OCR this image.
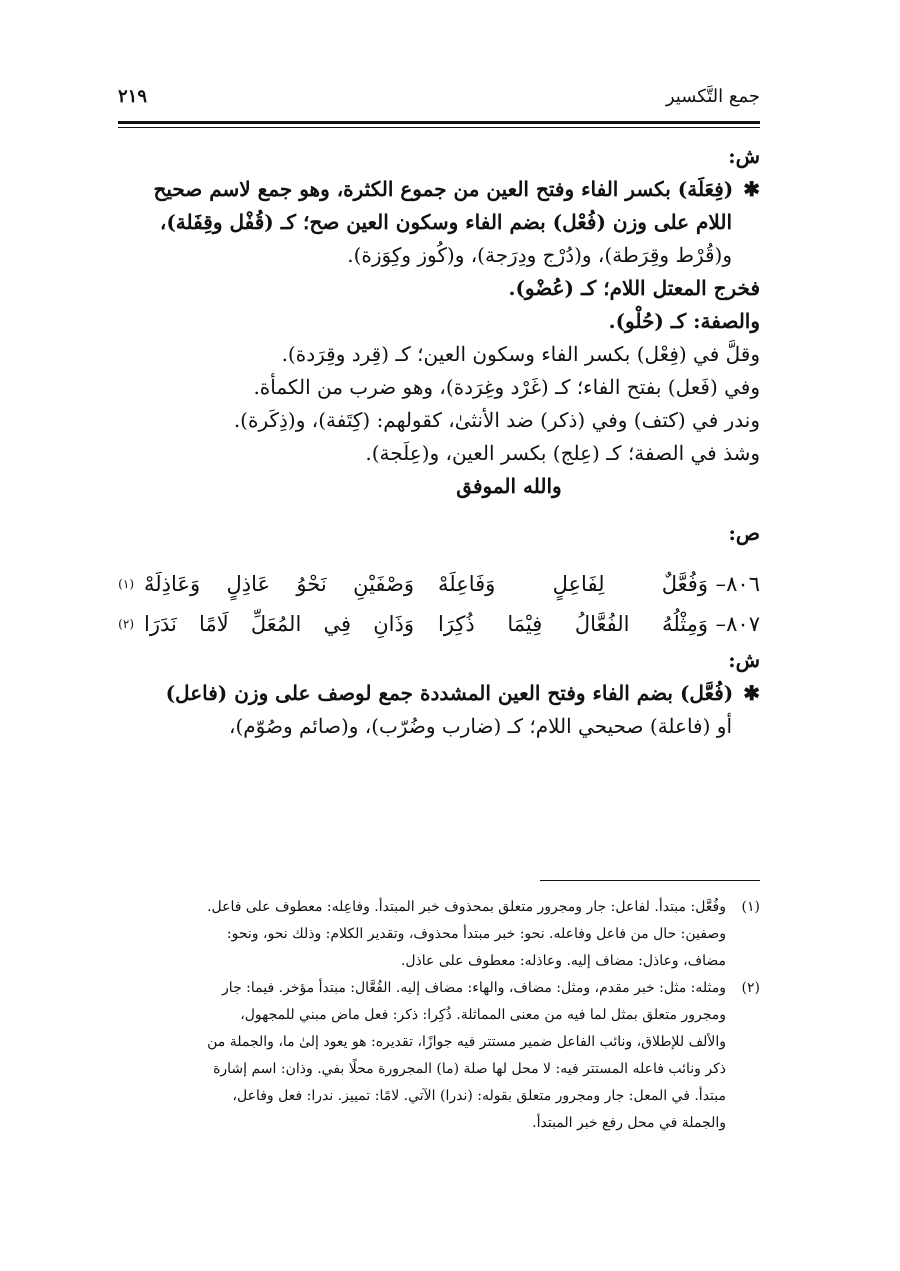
جمع التَّكسير
٢١٩
ش:
✱(فِعَلَة) بكسر الفاء وفتح العين من جموع الكثرة، وهو جمع لاسم صحيح
اللام على وزن (فُعْل) بضم الفاء وسكون العين صح؛ كـ (قُفْل وقِفَلة)،
و(قُرْط وقِرَطة)، و(دُرْج ودِرَجة)، و(كُوز وكِوَزة).
فخرج المعتل اللام؛ كـ (عُضْو).
والصفة: كـ (حُلْو).
وقلَّ في (فِعْل) بكسر الفاء وسكون العين؛ كـ (قِرد وقِرَدة).
وفي (فَعل) بفتح الفاء؛ كـ (غَرْد وغِرَدة)، وهو ضرب من الكمأة.
وندر في (كتف) وفي (ذكر) ضد الأنثىٰ، كقولهم: (كِتَفة)، و(ذِكَرة).
وشذ في الصفة؛ كـ (عِلج) بكسر العين، و(عِلَجة).
والله الموفق
ص:
٨٠٦–
وَفُعَّلٌ لِفَاعِلٍ وَفَاعِلَهْ
وَصْفَيْنِ نَحْوُ عَاذِلٍ وَعَاذِلَهْ
(١)
٨٠٧–
وَمِثْلُهُ الفُعَّالُ فِيْمَا ذُكِرَا
وَذَانِ فِي المُعَلِّ لَامًا نَدَرَا
(٢)
ش:
✱(فُعَّل) بضم الفاء وفتح العين المشددة جمع لوصف على وزن (فاعل)
أو (فاعلة) صحيحي اللام؛ كـ (ضارب وضُرّب)، و(صائم وصُوّم)،
(١)
وفُعَّل: مبتدأ. لفاعل: جار ومجرور متعلق بمحذوف خبر المبتدأ. وفاعِله: معطوف على فاعل.
وصفين: حال من فاعل وفاعله. نحو: خبر مبتدأ محذوف، وتقدير الكلام: وذلك نحو، ونحو:
مضاف، وعاذل: مضاف إليه. وعاذله: معطوف على عاذل.
(٢)
ومثله: مثل: خبر مقدم، ومثل: مضاف، والهاء: مضاف إليه. الفُعَّال: مبتدأ مؤخر. فيما: جار
ومجرور متعلق بمثل لما فيه من معنى المماثلة. ذُكِرا: ذكر: فعل ماض مبني للمجهول،
والألف للإطلاق، ونائب الفاعل ضمير مستتر فيه جوازًا، تقديره: هو يعود إلىٰ ما، والجملة من
ذكر ونائب فاعله المستتر فيه: لا محل لها صلة (ما) المجرورة محلًا بفي. وذان: اسم إشارة
مبتدأ. في المعل: جار ومجرور متعلق بقوله: (ندرا) الآتي. لامًا: تمييز. ندرا: فعل وفاعل،
والجملة في محل رفع خبر المبتدأ.
